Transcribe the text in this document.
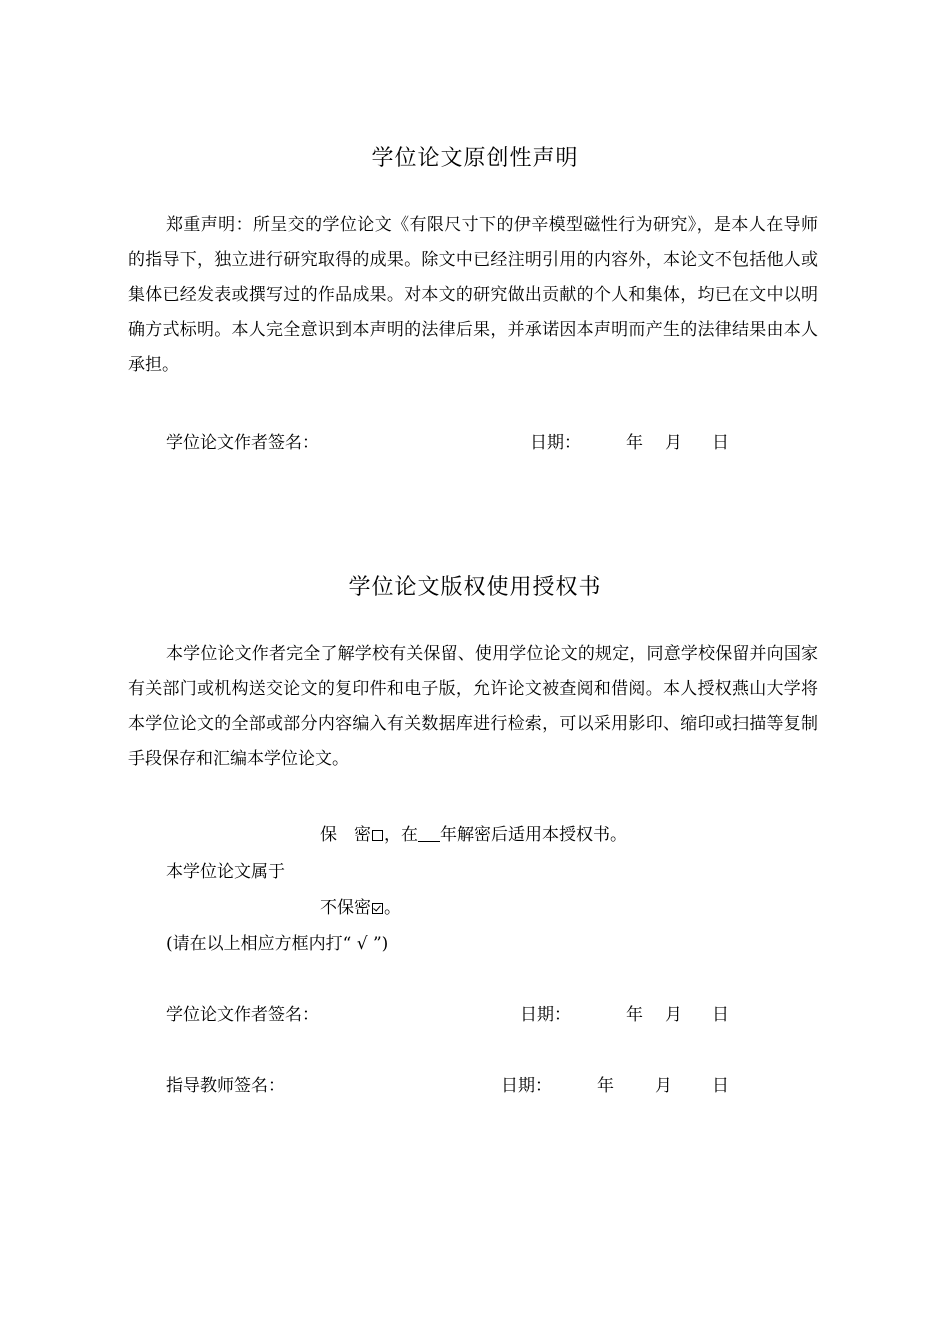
学位论文原创性声明

郑重声明：所呈交的学位论文《有限尺寸下的伊辛模型磁性行为研究》，是本人在导师的指导下，独立进行研究取得的成果。除文中已经注明引用的内容外，本论文不包括他人或集体已经发表或撰写过的作品成果。对本文的研究做出贡献的个人和集体，均已在文中以明确方式标明。本人完全意识到本声明的法律后果，并承诺因本声明而产生的法律结果由本人承担。

学位论文作者签名：	日期：	年 月 日
学位论文版权使用授权书

本学位论文作者完全了解学校有关保留、使用学位论文的规定，同意学校保留并向国家有关部门或机构送交论文的复印件和电子版，允许论文被查阅和借阅。本人授权燕山大学将本学位论文的全部或部分内容编入有关数据库进行检索，可以采用影印、缩印或扫描等复制手段保存和汇编本学位论文。

保　密 ，在 年解密后适用本授权书。
本学位论文属于
不保密 。
(请在以上相应方框内打“ √ ”)
学位论文作者签名：	日期：	年 月 日
指导教师签名：	日期：	年 月 日
